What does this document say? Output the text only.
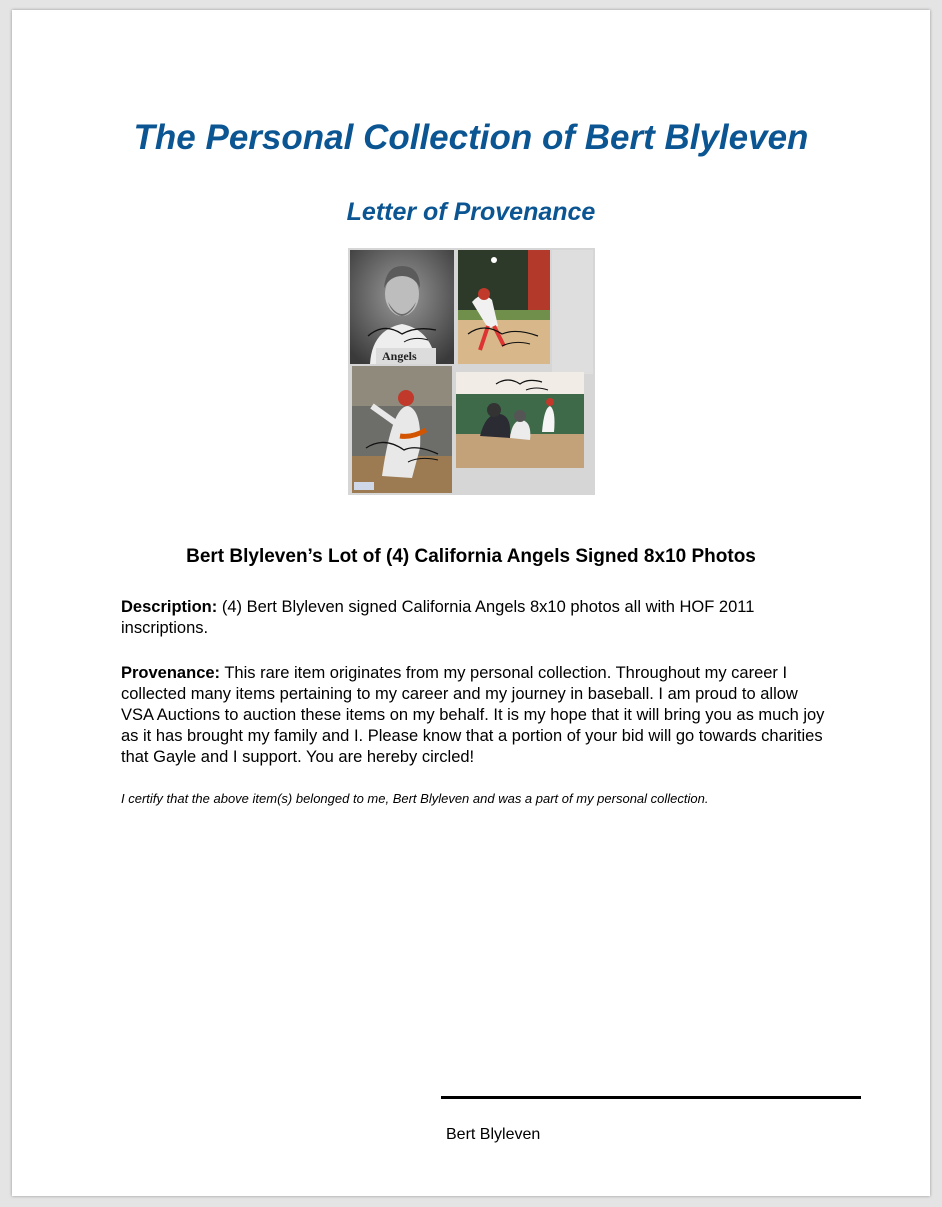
The Personal Collection of Bert Blyleven
Letter of Provenance
Angels
Bert Blyleven’s Lot of (4) California Angels Signed 8x10 Photos

Description: (4) Bert Blyleven signed California Angels 8x10 photos all with HOF 2011 inscriptions.

Provenance: This rare item originates from my personal collection. Throughout my career I collected many items pertaining to my career and my journey in baseball. I am proud to allow VSA Auctions to auction these items on my behalf. It is my hope that it will bring you as much joy as it has brought my family and I. Please know that a portion of your bid will go towards charities that Gayle and I support. You are hereby circled!

I certify that the above item(s) belonged to me, Bert Blyleven and was a part of my personal collection.

Bert Blyleven
